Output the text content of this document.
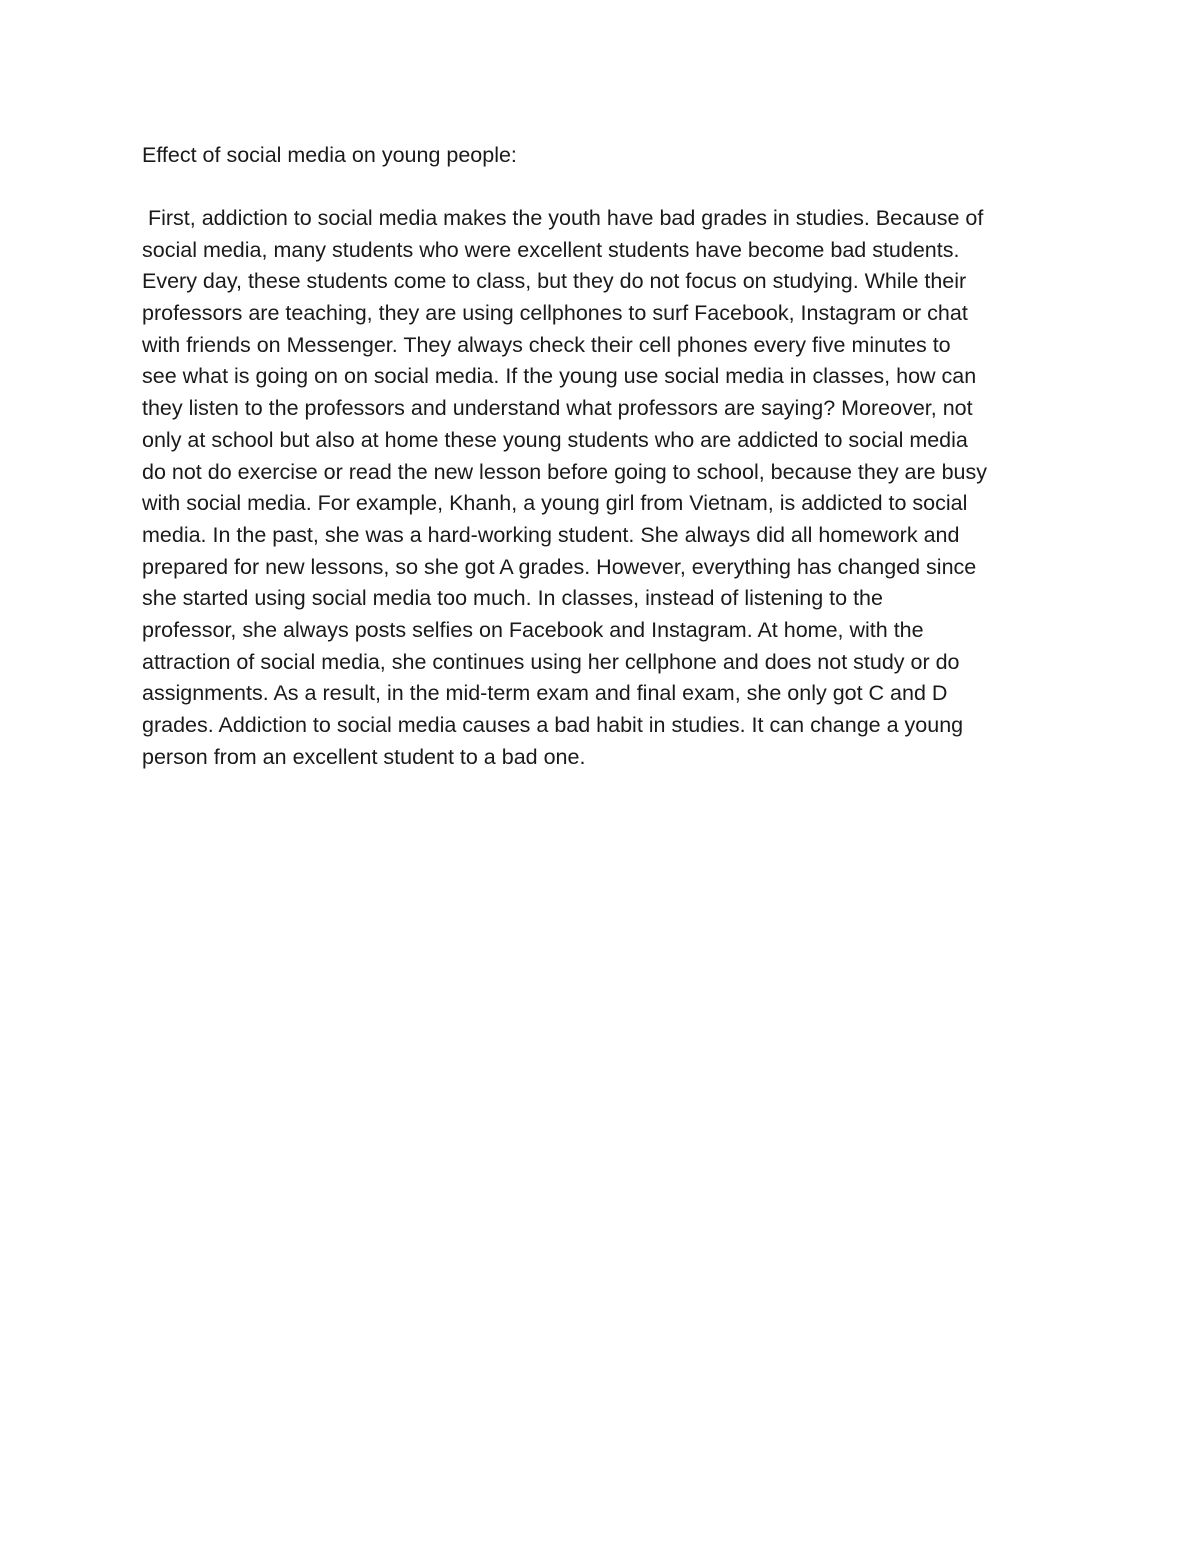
Effect of social media on young people:
First, addiction to social media makes the youth have bad grades in studies. Because of
social media, many students who were excellent students have become bad students.
Every day, these students come to class, but they do not focus on studying. While their
professors are teaching, they are using cellphones to surf Facebook, Instagram or chat
with friends on Messenger. They always check their cell phones every five minutes to
see what is going on on social media. If the young use social media in classes, how can
they listen to the professors and understand what professors are saying? Moreover, not
only at school but also at home these young students who are addicted to social media
do not do exercise or read the new lesson before going to school, because they are busy
with social media. For example, Khanh, a young girl from Vietnam, is addicted to social
media. In the past, she was a hard-working student. She always did all homework and
prepared for new lessons, so she got A grades. However, everything has changed since
she started using social media too much. In classes, instead of listening to the
professor, she always posts selfies on Facebook and Instagram. At home, with the
attraction of social media, she continues using her cellphone and does not study or do
assignments. As a result, in the mid-term exam and final exam, she only got C and D
grades. Addiction to social media causes a bad habit in studies. It can change a young
person from an excellent student to a bad one.
